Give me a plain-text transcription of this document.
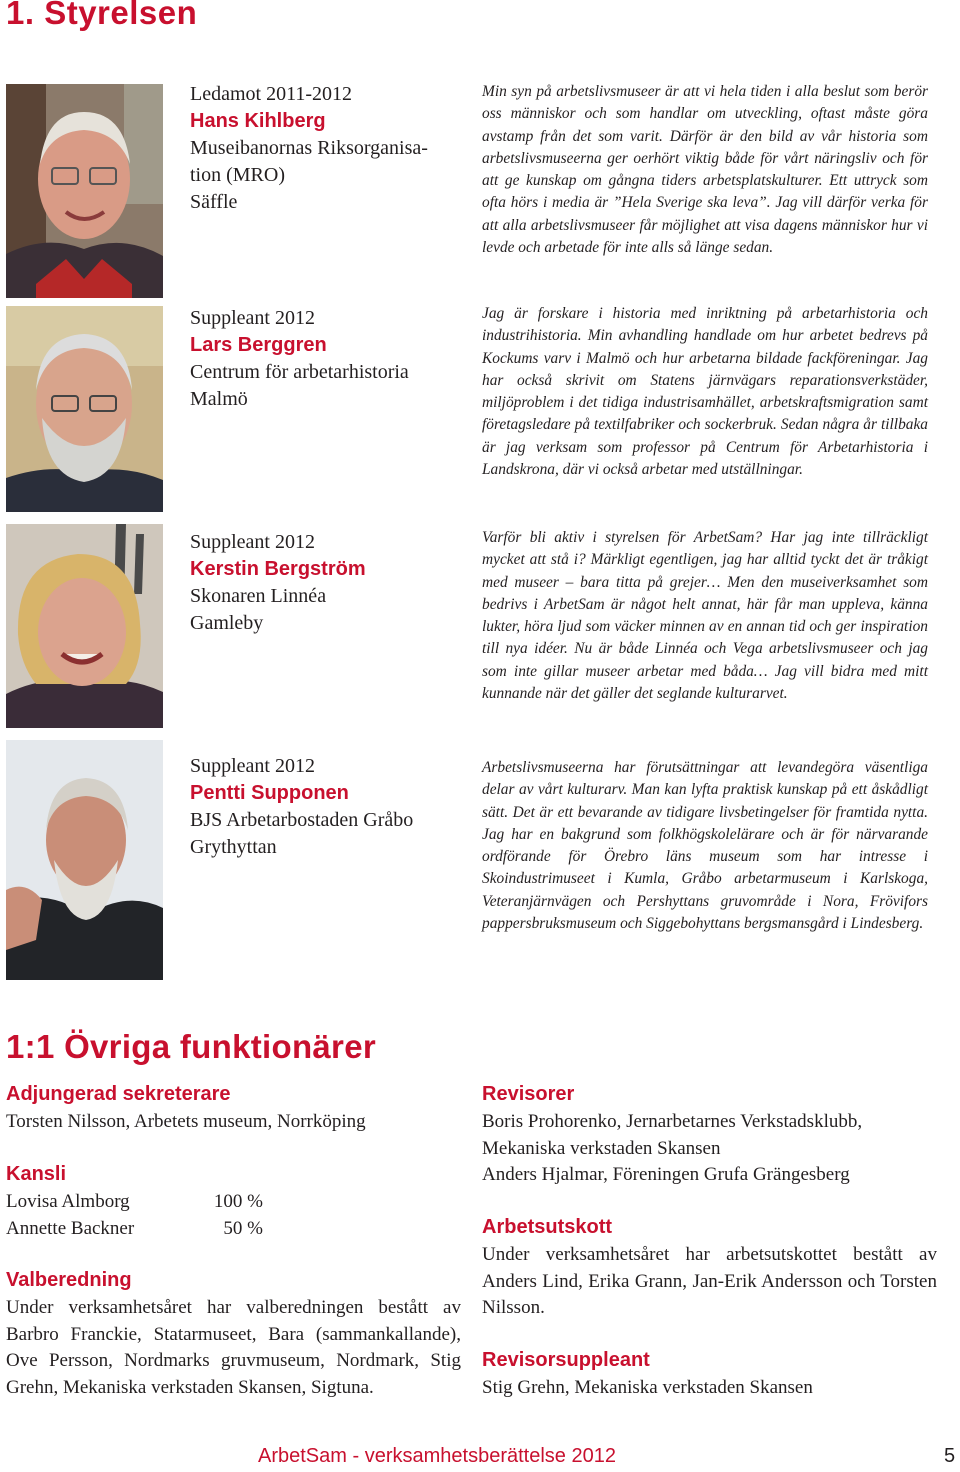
1. Styrelsen
Ledamot 2011-2012
Hans Kihlberg
Museibanornas Riksorganisa-
tion (MRO)
Säffle
Suppleant 2012
Lars Berggren
Centrum för arbetarhistoria
Malmö
Suppleant 2012
Kerstin Bergström
Skonaren Linnéa
Gamleby
Suppleant 2012
Pentti Supponen
BJS Arbetarbostaden Gråbo
Grythyttan

Min syn på arbetslivsmuseer är att vi hela tiden i alla beslut som berör oss människor och som handlar om utveckling, oftast måste göra avstamp från det som varit. Därför är den bild av vår historia som arbetslivsmuseerna ger oerhört viktig både för vårt näringsliv och för att ge kunskap om gångna tiders arbetsplatskulturer. Ett uttryck som ofta hörs i media är ”Hela Sverige ska leva”. Jag vill därför verka för att alla arbetslivsmuseer får möjlighet att visa dagens människor hur vi levde och arbetade för inte alls så länge sedan.

Jag är forskare i historia med inriktning på arbetarhistoria och industrihistoria. Min avhandling handlade om hur arbetet bedrevs på Kockums varv i Malmö och hur arbetarna bildade fackföreningar. Jag har också skrivit om Statens järnvägars reparationsverkstäder, miljöproblem i det tidiga industrisamhället, arbetskraftsmigration samt företagsledare på textilfabriker och sockerbruk. Sedan några år tillbaka är jag verksam som professor på Centrum för Arbetarhistoria i Landskrona, där vi också arbetar med utställningar.

Varför bli aktiv i styrelsen för ArbetSam? Har jag inte tillräckligt mycket att stå i? Märkligt egentligen, jag har alltid tyckt det är tråkigt med museer – bara titta på grejer… Men den museiverksamhet som bedrivs i ArbetSam är något helt annat, här får man uppleva, känna lukter, höra ljud som väcker minnen av en annan tid och ger inspiration till nya idéer. Nu är både Linnéa och Vega arbetslivsmuseer och jag som inte gillar museer arbetar med båda… Jag vill bidra med mitt kunnande när det gäller det seglande kulturarvet.

Arbetslivsmuseerna har förutsättningar att levandegöra väsentliga delar av vårt kulturarv. Man kan lyfta praktisk kunskap på ett åskådligt sätt. Det är ett bevarande av tidigare livsbetingelser för framtida nytta. Jag har en bakgrund som folkhögskolelärare och är för närvarande ordförande för Örebro läns museum som har intresse i Skoindustrimuseet i Kumla, Gråbo arbetarmuseum i Karlskoga, Veteranjärnvägen och Pershyttans gruvområde i Nora, Frövifors pappersbruksmuseum och Siggebohyttans bergsmansgård i Lindesberg.

1:1 Övriga funktionärer
Adjungerad sekreterare

Torsten Nilsson, Arbetets museum, Norrköping

Kansli
Lovisa Almborg	100 %
Annette Backner	50 %
Valberedning

Under verksamhetsåret har valberedningen bestått av Barbro Franckie, Statarmuseet, Bara (sammankallande), Ove Persson, Nordmarks gruvmuseum, Nordmark, Stig Grehn, Mekaniska verkstaden Skansen, Sigtuna.

Revisorer

Boris Prohorenko, Jernarbetarnes Verkstadsklubb, Mekaniska verkstaden Skansen

Anders Hjalmar, Föreningen Grufa Grängesberg

Arbetsutskott

Under verksamhetsåret har arbetsutskottet bestått av Anders Lind, Erika Grann, Jan-Erik Andersson och Torsten Nilsson.

Revisorsuppleant

Stig Grehn, Mekaniska verkstaden Skansen

ArbetSam - verksamhetsberättelse 2012	5
